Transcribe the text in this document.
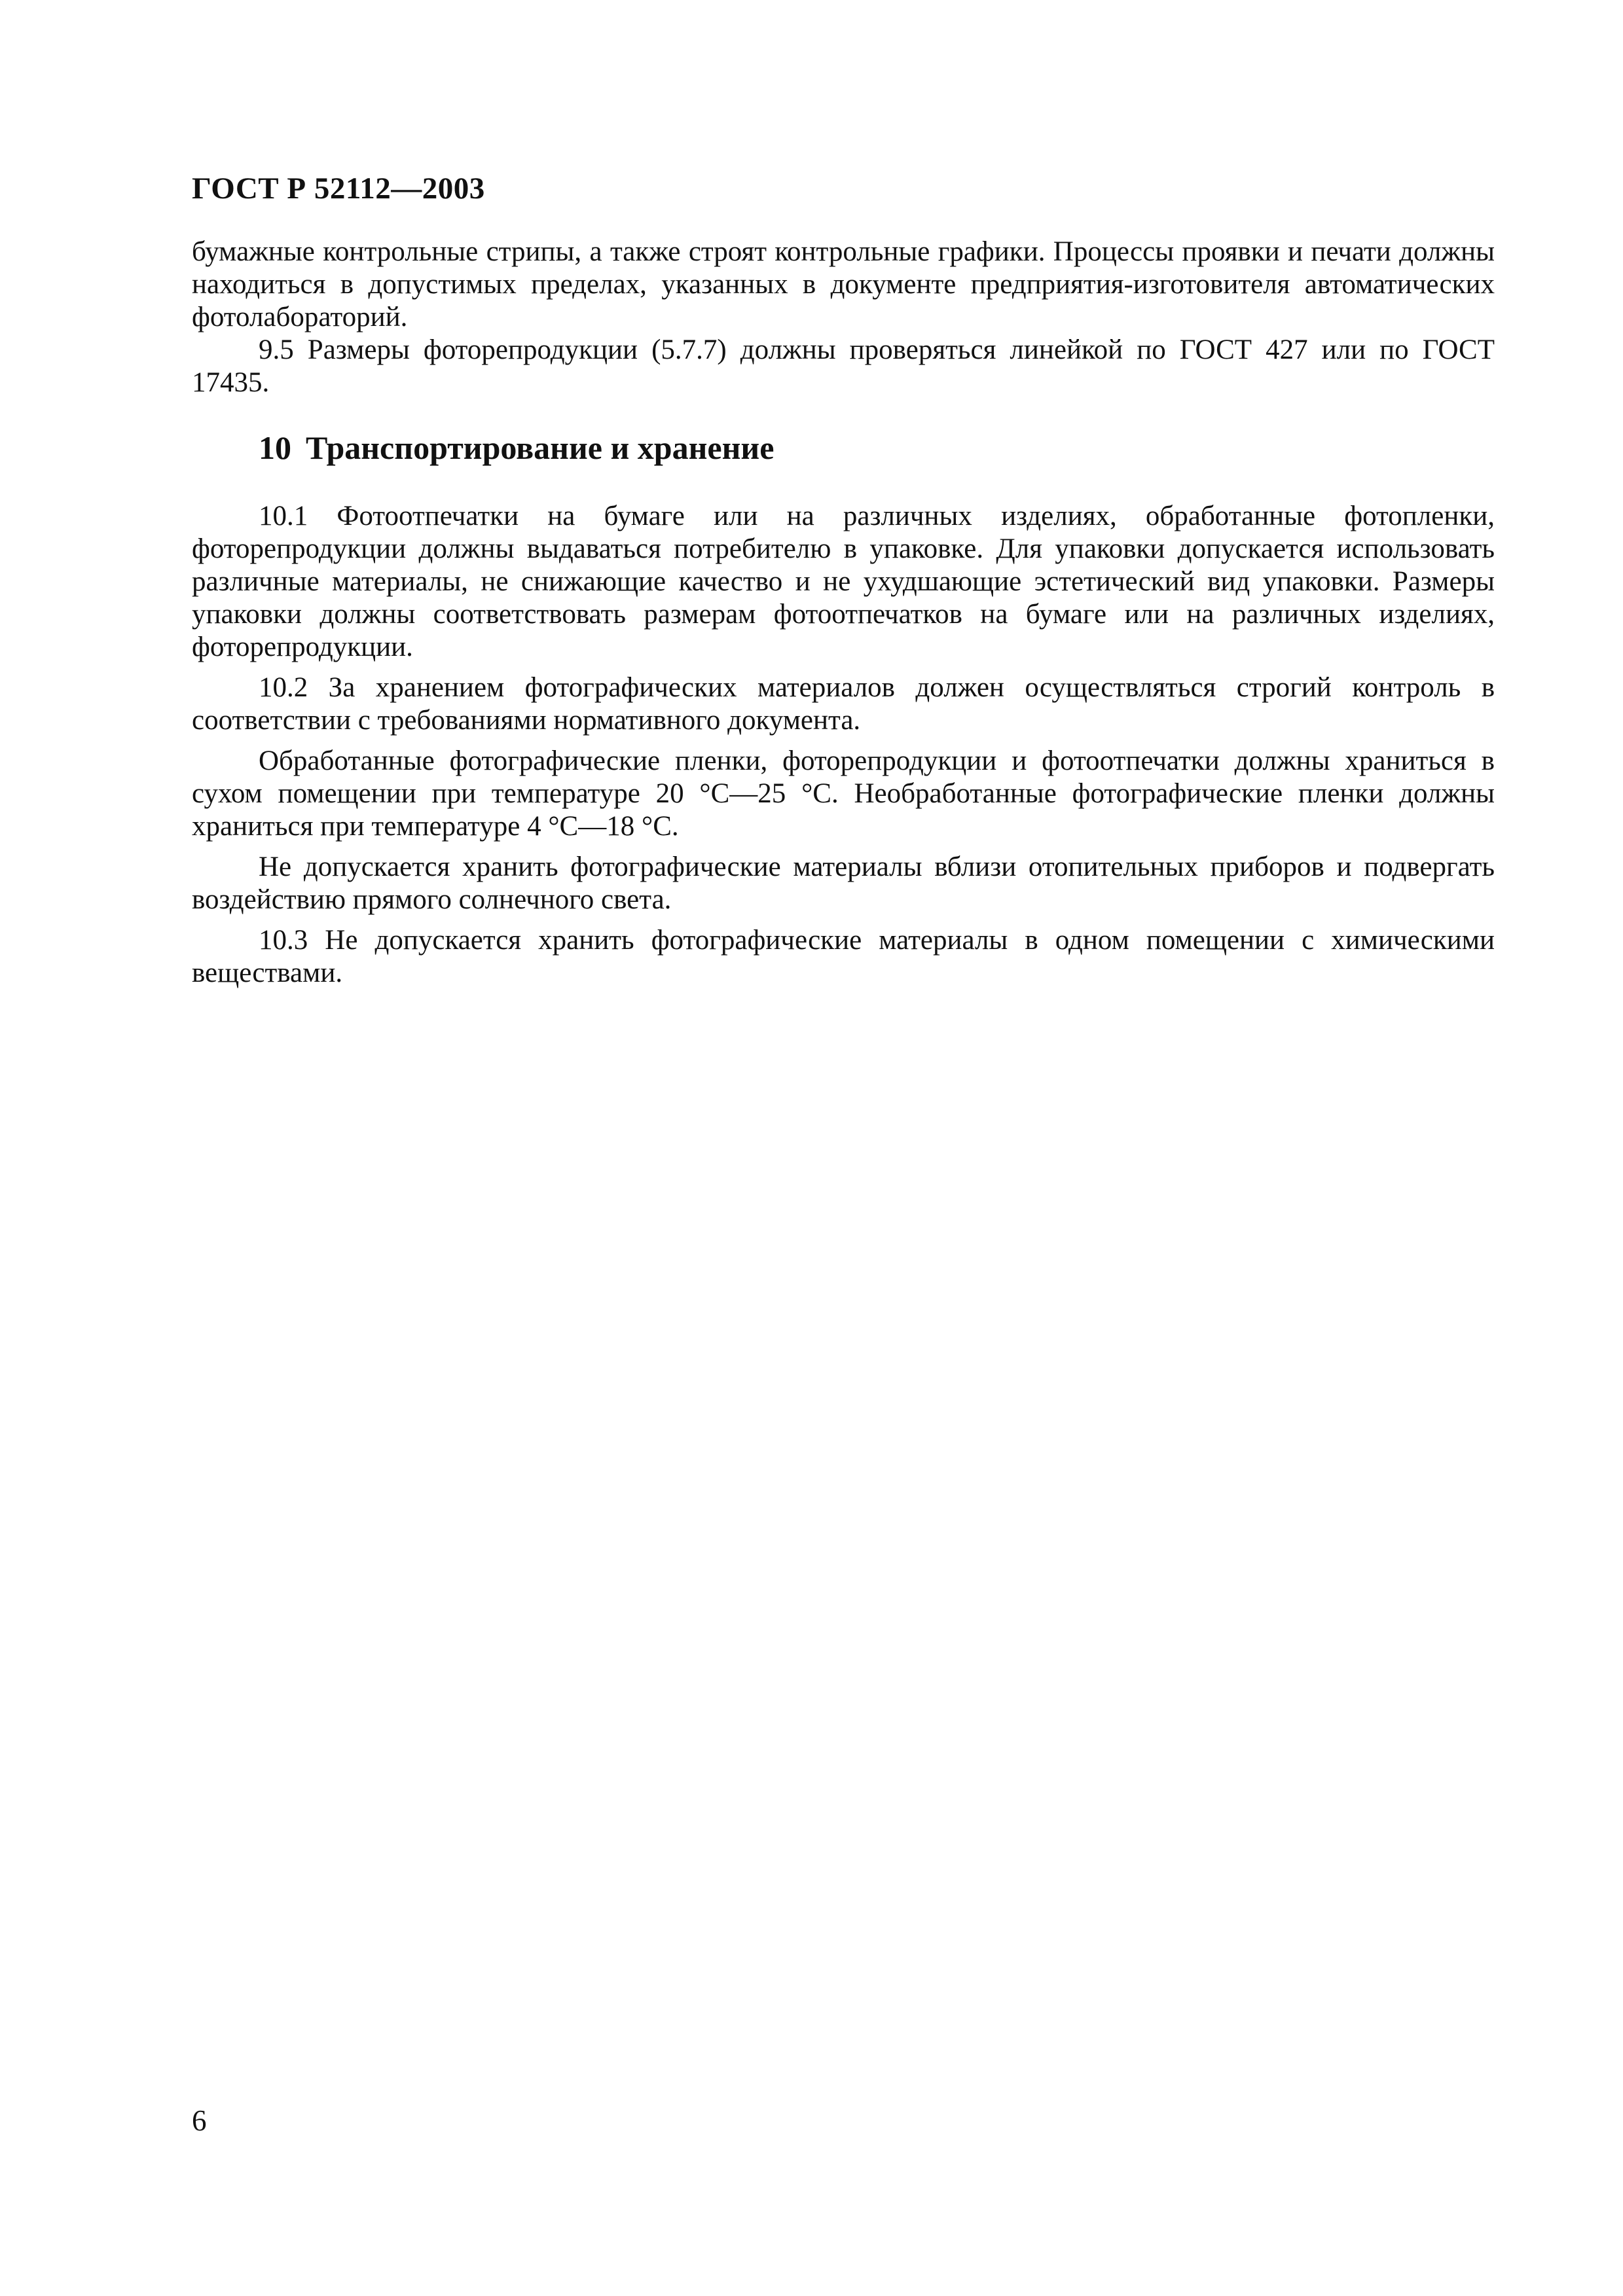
ГОСТ Р 52112—2003

бумажные контрольные стрипы, а также строят контрольные графики. Процессы проявки и печати должны находиться в допустимых пределах, указанных в документе предприятия-изготовителя автоматических фотолабораторий.

9.5 Размеры фоторепродукции (5.7.7) должны проверяться линейкой по ГОСТ 427 или по ГОСТ 17435.

10 Транспортирование и хранение

10.1 Фотоотпечатки на бумаге или на различных изделиях, обработанные фотопленки, фоторепродукции должны выдаваться потребителю в упаковке. Для упаковки допускается использовать различные материалы, не снижающие качество и не ухудшающие эстетический вид упаковки. Размеры упаковки должны соответствовать размерам фотоотпечатков на бумаге или на различных изделиях, фоторепродукции.

10.2 За хранением фотографических материалов должен осуществляться строгий контроль в соответствии с требованиями нормативного документа.

Обработанные фотографические пленки, фоторепродукции и фотоотпечатки должны храниться в сухом помещении при температуре 20 °С—25 °С. Необработанные фотографические пленки должны храниться при температуре 4 °С—18 °С.

Не допускается хранить фотографические материалы вблизи отопительных приборов и подвергать воздействию прямого солнечного света.

10.3 Не допускается хранить фотографические материалы в одном помещении с химическими веществами.

6
